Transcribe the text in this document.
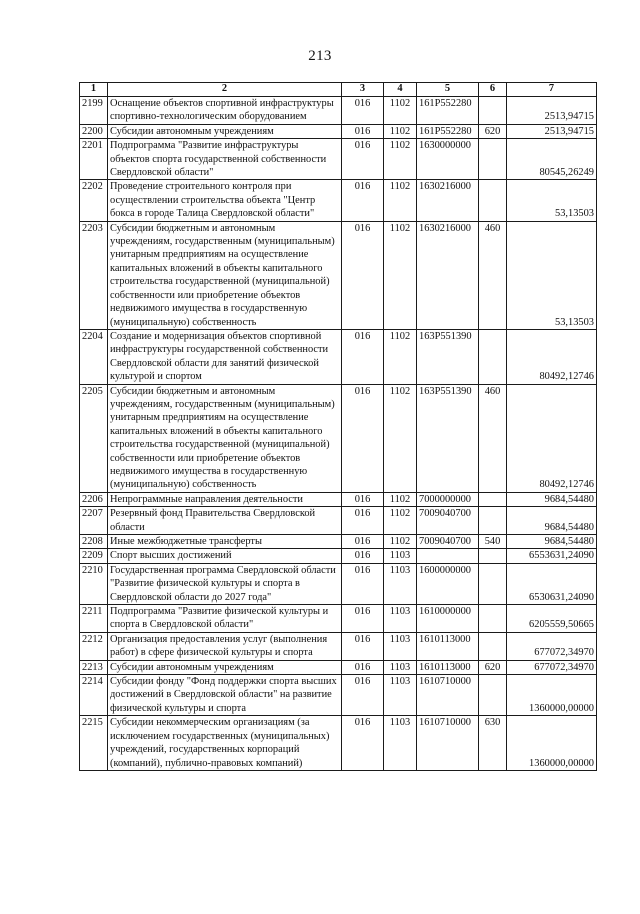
213
1	2	3	4	5	6	7
2199	Оснащение объектов спортивной инфраструктуры спортивно-технологическим оборудованием	016	1102	161Р552280		2513,94715
2200	Субсидии автономным учреждениям	016	1102	161Р552280	620	2513,94715
2201	Подпрограмма "Развитие инфраструктуры объектов спорта государственной собственности Свердловской области"	016	1102	1630000000		80545,26249
2202	Проведение строительного контроля при осуществлении строительства объекта "Центр бокса в городе Талица Свердловской области"	016	1102	1630216000		53,13503
2203	Субсидии бюджетным и автономным учреждениям, государственным (муниципальным) унитарным предприятиям на осуществление капитальных вложений в объекты капитального строительства государственной (муниципальной) собственности или приобретение объектов недвижимого имущества в государственную (муниципальную) собственность	016	1102	1630216000	460	53,13503
2204	Создание и модернизация объектов спортивной инфраструктуры государственной собственности Свердловской области для занятий физической культурой и спортом	016	1102	163Р551390		80492,12746
2205	Субсидии бюджетным и автономным учреждениям, государственным (муниципальным) унитарным предприятиям на осуществление капитальных вложений в объекты капитального строительства государственной (муниципальной) собственности или приобретение объектов недвижимого имущества в государственную (муниципальную) собственность	016	1102	163Р551390	460	80492,12746
2206	Непрограммные направления деятельности	016	1102	7000000000		9684,54480
2207	Резервный фонд Правительства Свердловской области	016	1102	7009040700		9684,54480
2208	Иные межбюджетные трансферты	016	1102	7009040700	540	9684,54480
2209	Спорт высших достижений	016	1103			6553631,24090
2210	Государственная программа Свердловской области "Развитие физической культуры и спорта в Свердловской области до 2027 года"	016	1103	1600000000		6530631,24090
2211	Подпрограмма "Развитие физической культуры и спорта в Свердловской области"	016	1103	1610000000		6205559,50665
2212	Организация предоставления услуг (выполнения работ) в сфере физической культуры и спорта	016	1103	1610113000		677072,34970
2213	Субсидии автономным учреждениям	016	1103	1610113000	620	677072,34970
2214	Субсидии фонду "Фонд поддержки спорта высших достижений в Свердловской области" на развитие физической культуры и спорта	016	1103	1610710000		1360000,00000
2215	Субсидии некоммерческим организациям (за исключением государственных (муниципальных) учреждений, государственных корпораций (компаний), публично-правовых компаний)	016	1103	1610710000	630	1360000,00000
